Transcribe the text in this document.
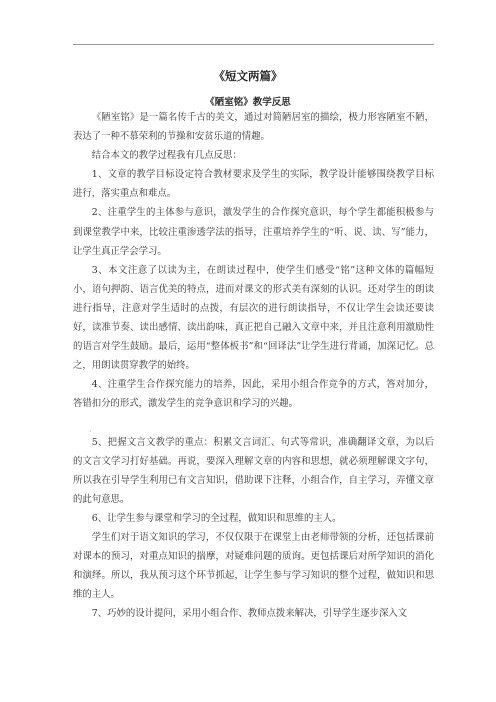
《短文两篇》
《陋室铭》教学反思

《陋室铭》是一篇名传千古的美文，通过对简陋居室的描绘，极力形容陋室不陋，表达了一种不慕荣利的节操和安贫乐道的情趣。

结合本文的教学过程我有几点反思：

1、文章的教学目标设定符合教材要求及学生的实际，教学设计能够围绕教学目标进行，落实重点和难点。

2、注重学生的主体参与意识，激发学生的合作探究意识，每个学生都能积极参与到课堂教学中来，比较注重渗透学法的指导，注重培养学生的“听、说、读、写”能力，让学生真正学会学习。

3、本文注意了以读为主，在朗读过程中，使学生们感受“铭”这种文体的篇幅短小，语句押韵、语言优美的特点，进而对课文的形式美有深刻的认识。还对学生的朗读进行指导，注意对学生适时的点拨，有层次的进行朗读指导，不仅让学生会读还要读好，读准节奏、读出感情、读出韵味，真正把自己融入文章中来，并且注意利用激励性的语言对学生鼓励。最后，运用“整体板书”和“回译法”让学生进行背诵，加深记忆。总之，用朗读贯穿教学的始终。

4、注重学生合作探究能力的培养，因此，采用小组合作竞争的方式，答对加分，答错扣分的形式，激发学生的竞争意识和学习的兴趣。

、

5、把握文言文教学的重点：积累文言词汇、句式等常识，准确翻译文章，为以后的文言文学习打好基础。再说，要深入理解文章的内容和思想，就必须理解课文字句，所以我在引导学生利用已有文言知识，借助课下注释，小组合作，自主学习，弄懂文章的此句意思。

6、让学生参与课堂和学习的全过程，做知识和思维的主人。

学生们对于语文知识的学习，不仅仅限于在课堂上由老师带领的分析，还包括课前对课本的预习，对重点知识的揣摩，对疑难问题的质询。更包括课后对所学知识的消化和演绎。所以，我从预习这个环节抓起，让学生参与学习知识的整个过程，做知识和思维的主人。

7、巧妙的设计提问，采用小组合作、教师点拨来解决，引导学生逐步深入文
